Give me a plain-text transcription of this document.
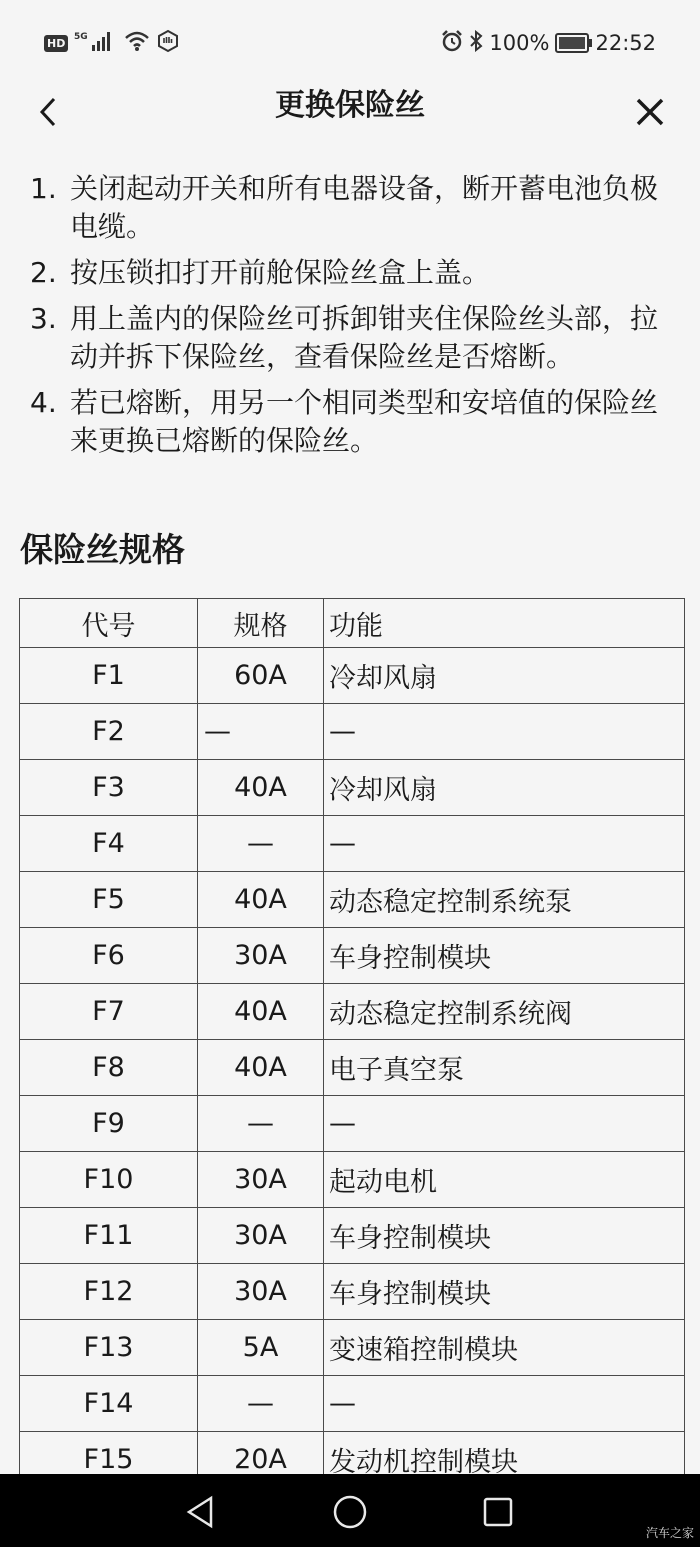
HD	5G	100% 22:52
更换保险丝
1. 关闭起动开关和所有电器设备，断开蓄电池负极电缆。
2. 按压锁扣打开前舱保险丝盒上盖。
3. 用上盖内的保险丝可拆卸钳夹住保险丝头部，拉动并拆下保险丝，查看保险丝是否熔断。
4. 若已熔断，用另一个相同类型和安培值的保险丝来更换已熔断的保险丝。
保险丝规格
代号	规格	功能
F1	60A	冷却风扇
F2	—	—
F3	40A	冷却风扇
F4	—	—
F5	40A	动态稳定控制系统泵
F6	30A	车身控制模块
F7	40A	动态稳定控制系统阀
F8	40A	电子真空泵
F9	—	—
F10	30A	起动电机
F11	30A	车身控制模块
F12	30A	车身控制模块
F13	5A	变速箱控制模块
F14	—	—
F15	20A	发动机控制模块
汽车之家
